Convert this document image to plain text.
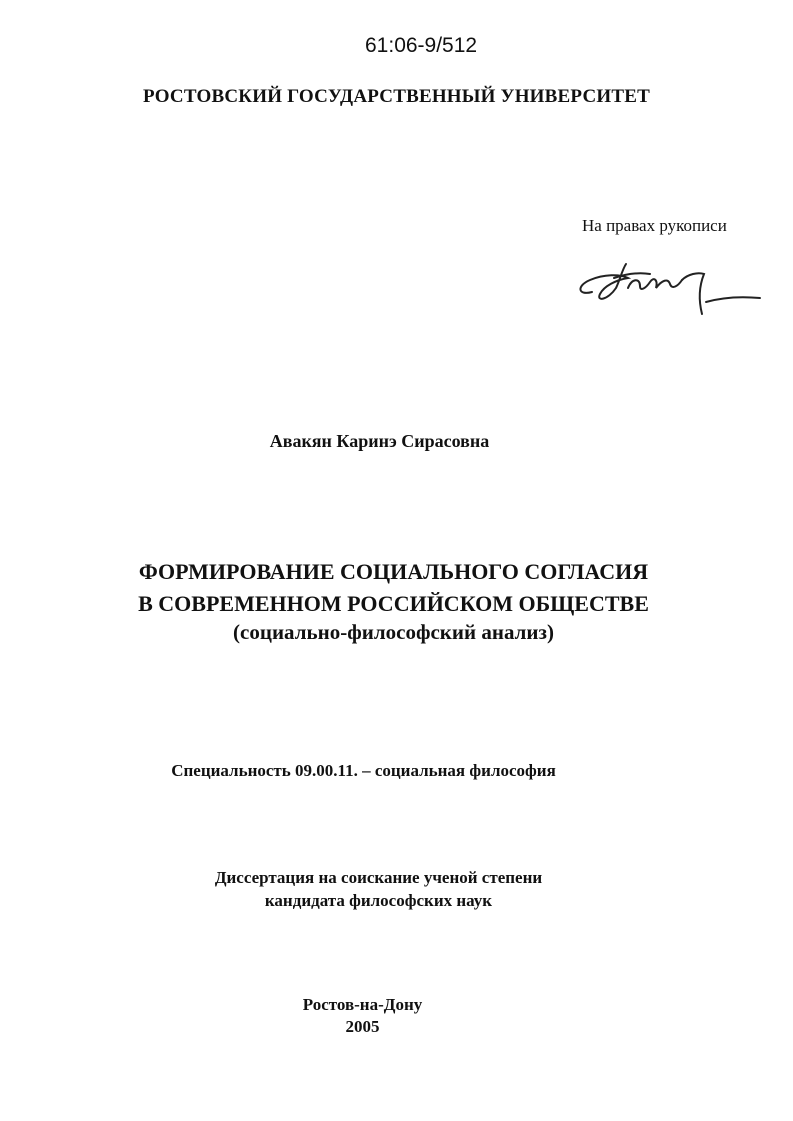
61:06-9/512
РОСТОВСКИЙ ГОСУДАРСТВЕННЫЙ УНИВЕРСИТЕТ
На правах рукописи
Авакян Каринэ Сирасовна
ФОРМИРОВАНИЕ СОЦИАЛЬНОГО СОГЛАСИЯ
В СОВРЕМЕННОМ РОССИЙСКОМ ОБЩЕСТВЕ
(социально-философский анализ)
Специальность 09.00.11. – социальная философия
Диссертация на соискание ученой степени
кандидата философских наук
Ростов-на-Дону
2005
